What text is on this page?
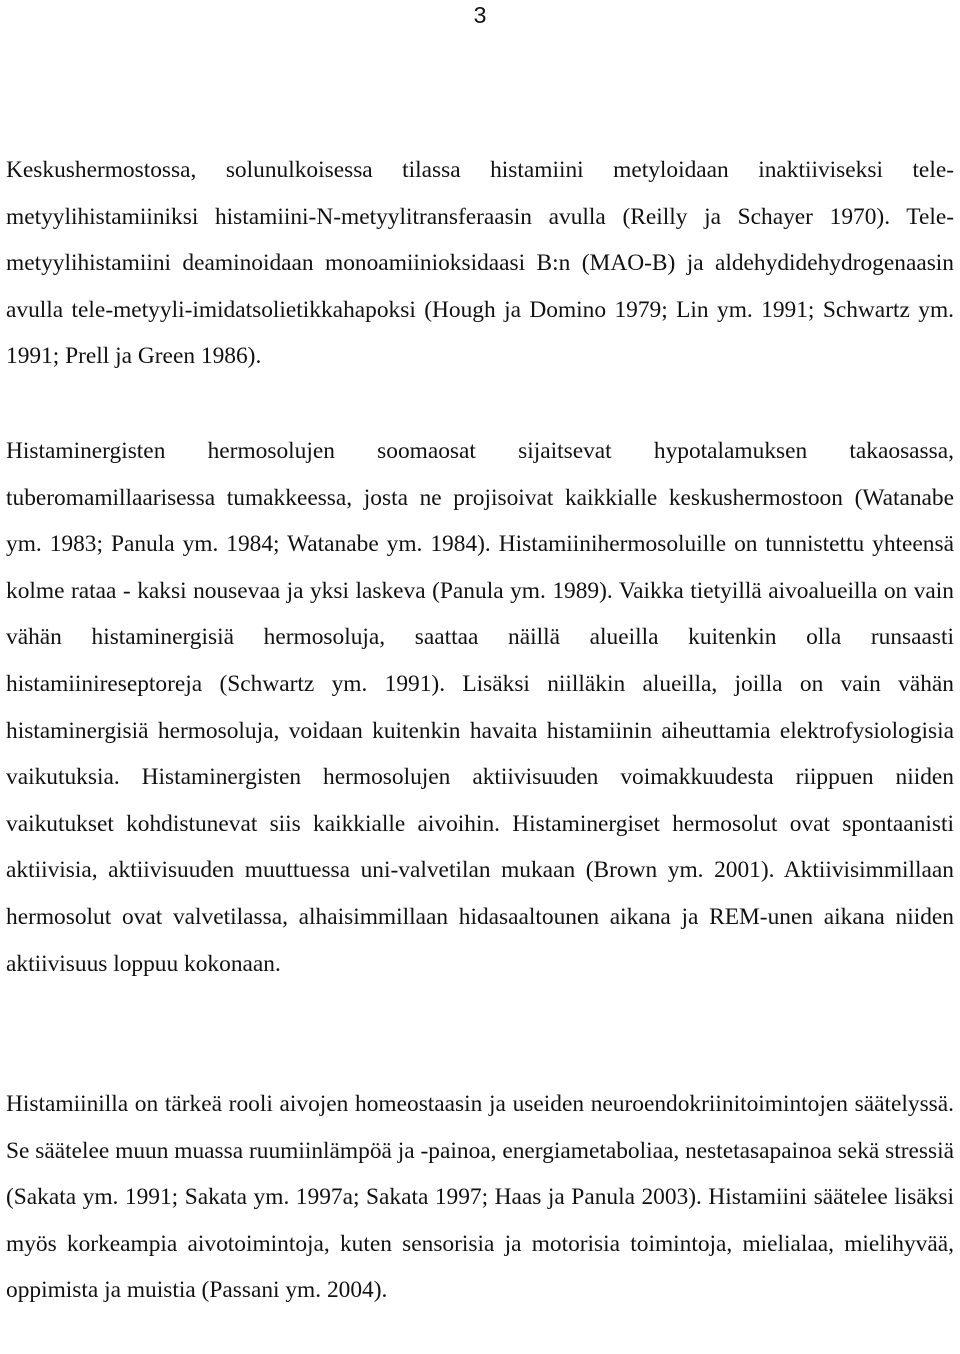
3

Keskushermostossa, solunulkoisessa tilassa histamiini metyloidaan inaktiiviseksi tele-metyylihistamiiniksi histamiini-N-metyylitransferaasin avulla (Reilly ja Schayer 1970). Tele-metyylihistamiini deaminoidaan monoamiinioksidaasi B:n (MAO-B) ja aldehydidehydrogenaasin avulla tele-metyyli-imidatsolietikkahapoksi (Hough ja Domino 1979; Lin ym. 1991; Schwartz ym. 1991; Prell ja Green 1986).

Histaminergisten hermosolujen soomaosat sijaitsevat hypotalamuksen takaosassa, tuberomamillaarisessa tumakkeessa, josta ne projisoivat kaikkialle keskushermostoon (Watanabe ym. 1983; Panula ym. 1984; Watanabe ym. 1984). Histamiinihermosoluille on tunnistettu yhteensä kolme rataa - kaksi nousevaa ja yksi laskeva (Panula ym. 1989). Vaikka tietyillä aivoalueilla on vain vähän histaminergisiä hermosoluja, saattaa näillä alueilla kuitenkin olla runsaasti histamiinireseptoreja (Schwartz ym. 1991). Lisäksi niilläkin alueilla, joilla on vain vähän histaminergisiä hermosoluja, voidaan kuitenkin havaita histamiinin aiheuttamia elektrofysiologisia vaikutuksia. Histaminergisten hermosolujen aktiivisuuden voimakkuudesta riippuen niiden vaikutukset kohdistunevat siis kaikkialle aivoihin. Histaminergiset hermosolut ovat spontaanisti aktiivisia, aktiivisuuden muuttuessa uni-valvetilan mukaan (Brown ym. 2001). Aktiivisimmillaan hermosolut ovat valvetilassa, alhaisimmillaan hidasaaltounen aikana ja REM-unen aikana niiden aktiivisuus loppuu kokonaan.

Histamiinilla on tärkeä rooli aivojen homeostaasin ja useiden neuroendokriinitoimintojen säätelyssä. Se säätelee muun muassa ruumiinlämpöä ja -painoa, energiametaboliaa, nestetasapainoa sekä stressiä (Sakata ym. 1991; Sakata ym. 1997a; Sakata 1997; Haas ja Panula 2003). Histamiini säätelee lisäksi myös korkeampia aivotoimintoja, kuten sensorisia ja motorisia toimintoja, mielialaa, mielihyvää, oppimista ja muistia (Passani ym. 2004).
